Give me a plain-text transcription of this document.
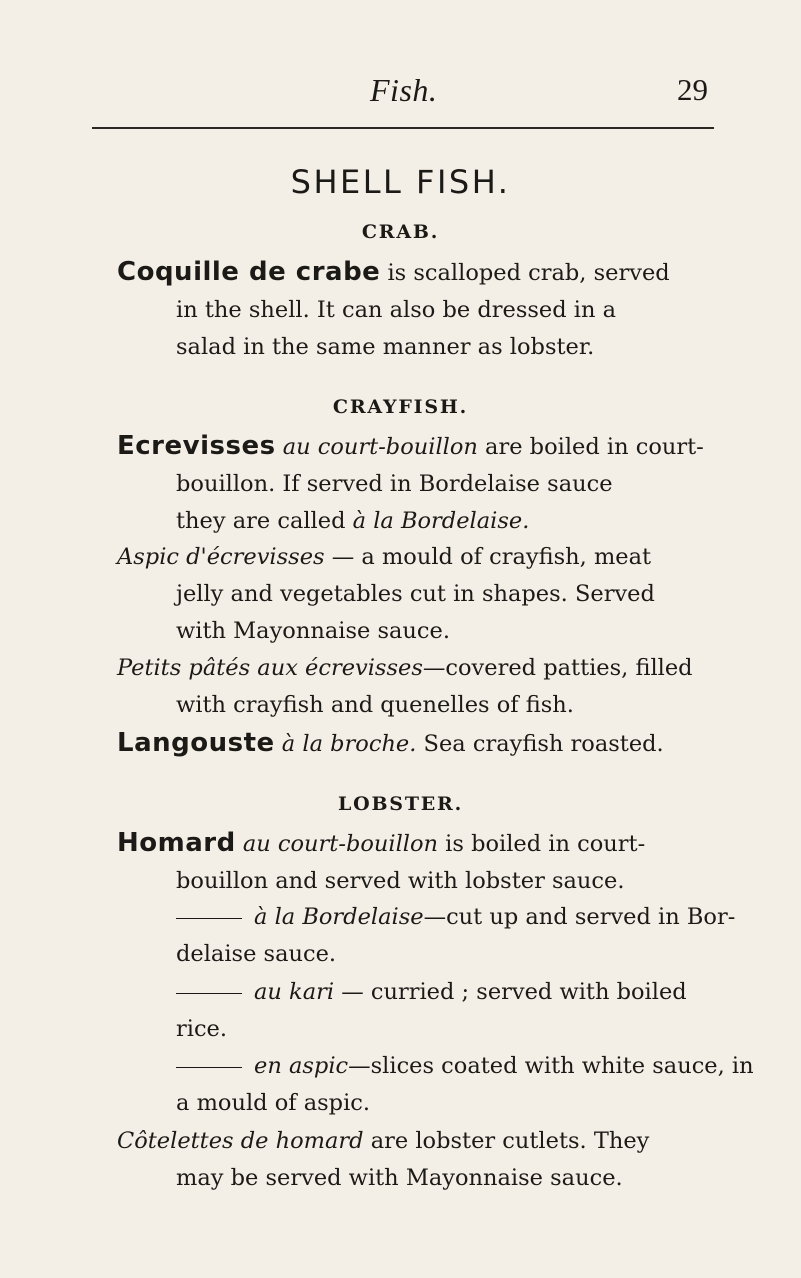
Fish.	29
SHELL FISH.
CRAB.
Coquille de crabe is scalloped crab, served
in the shell. It can also be dressed in a
salad in the same manner as lobster.
CRAYFISH.
Ecrevisses au court-bouillon are boiled in court-
bouillon. If served in Bordelaise sauce
they are called à la Bordelaise.
Aspic d'écrevisses — a mould of crayfish, meat
jelly and vegetables cut in shapes. Served
with Mayonnaise sauce.
Petits pâtés aux écrevisses—covered patties, filled
with crayfish and quenelles of fish.
Langouste à la broche. Sea crayfish roasted.
LOBSTER.
Homard au court-bouillon is boiled in court-
bouillon and served with lobster sauce.
à la Bordelaise—cut up and served in Bor-
delaise sauce.
au kari — curried ; served with boiled
rice.
en aspic—slices coated with white sauce, in
a mould of aspic.
Côtelettes de homard are lobster cutlets. They
may be served with Mayonnaise sauce.
